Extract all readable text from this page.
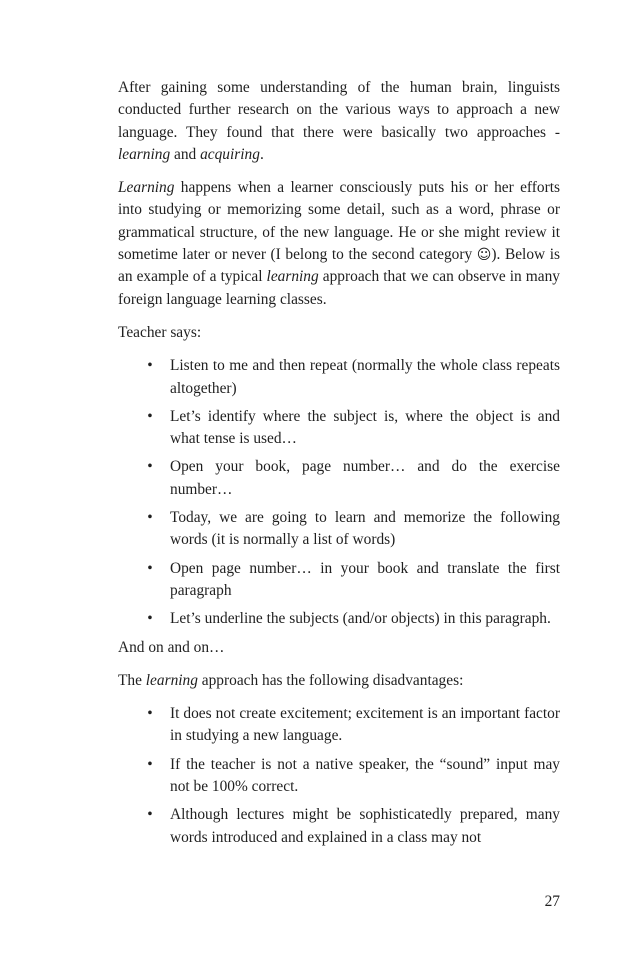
After gaining some understanding of the human brain, linguists conducted further research on the various ways to approach a new language. They found that there were basically two approaches - learning and acquiring.

Learning happens when a learner consciously puts his or her efforts into studying or memorizing some detail, such as a word, phrase or grammatical structure, of the new language. He or she might review it sometime later or never (I belong to the second category ☺). Below is an example of a typical learning approach that we can observe in many foreign language learning classes.

Teacher says:

• Listen to me and then repeat (normally the whole class repeats altogether)
• Let’s identify where the subject is, where the object is and what tense is used…
• Open your book, page number… and do the exercise number…
• Today, we are going to learn and memorize the following words (it is normally a list of words)
• Open page number… in your book and translate the first paragraph
• Let’s underline the subjects (and/or objects) in this paragraph.

And on and on…

The learning approach has the following disadvantages:

• It does not create excitement; excitement is an important factor in studying a new language.
• If the teacher is not a native speaker, the “sound” input may not be 100% correct.
• Although lectures might be sophisticatedly prepared, many words introduced and explained in a class may not
27
